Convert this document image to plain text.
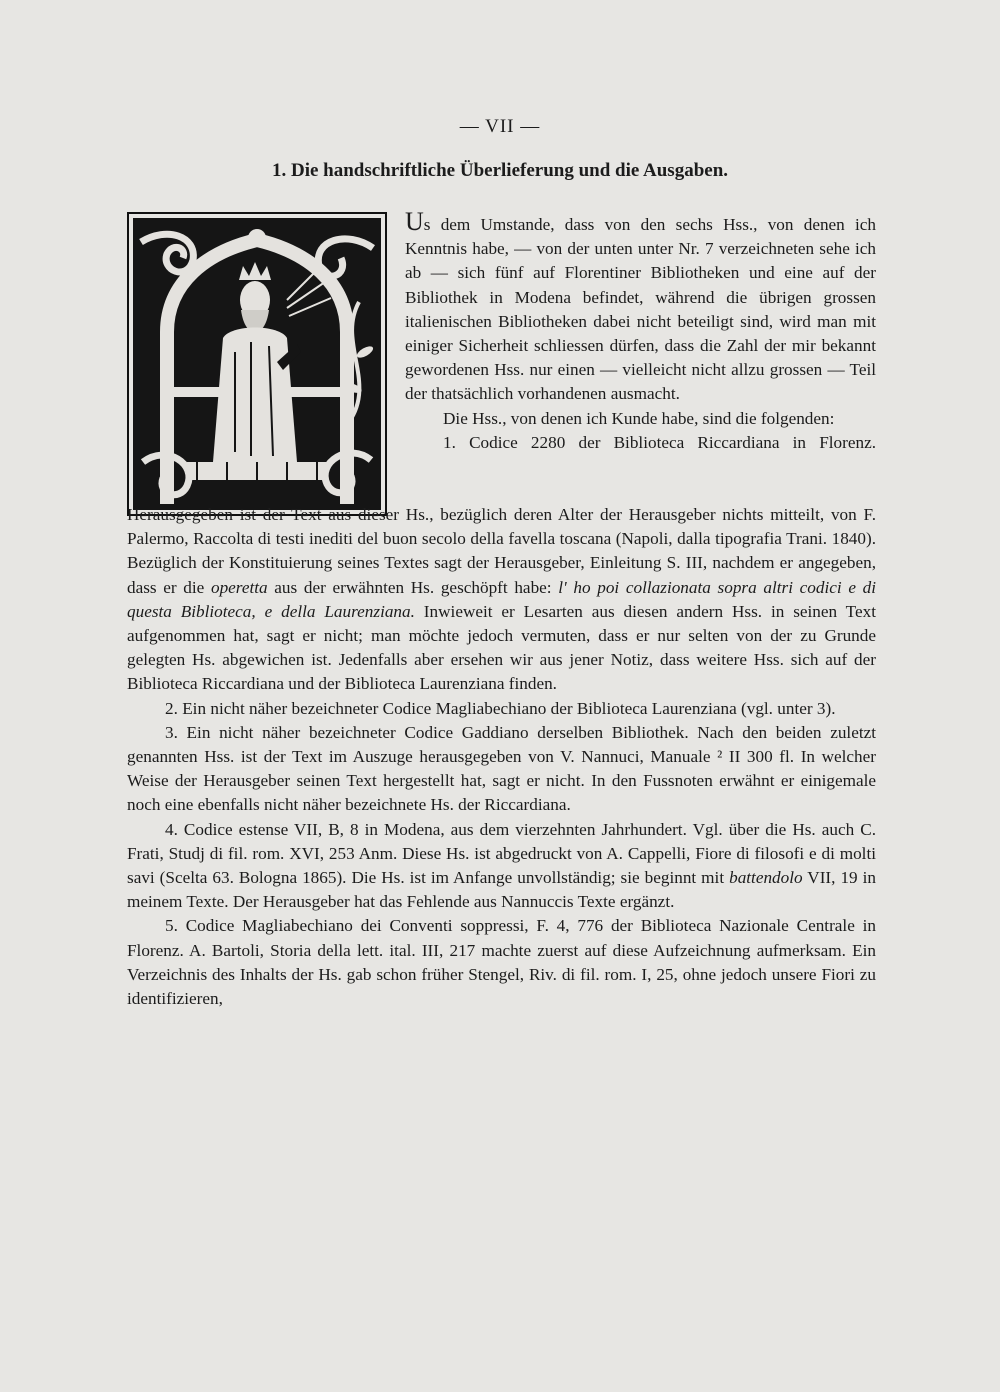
— VII —
1. Die handschriftliche Überlieferung und die Ausgaben.

Us dem Umstande, dass von den sechs Hss., von denen ich Kenntnis habe, — von der unten unter Nr. 7 verzeichneten sehe ich ab — sich fünf auf Florentiner Bibliotheken und eine auf der Bibliothek in Modena befindet, während die übrigen grossen italienischen Bibliotheken dabei nicht beteiligt sind, wird man mit einiger Sicherheit schliessen dürfen, dass die Zahl der mir bekannt gewordenen Hss. nur einen — vielleicht nicht allzu grossen — Teil der thatsächlich vorhandenen ausmacht.

Die Hss., von denen ich Kunde habe, sind die folgenden:

1. Codice 2280 der Biblioteca Riccardiana in Florenz.

Herausgegeben ist der Text aus dieser Hs., bezüglich deren Alter der Herausgeber nichts mitteilt, von F. Palermo, Raccolta di testi inediti del buon secolo della favella toscana (Napoli, dalla tipografia Trani. 1840). Bezüglich der Konstituierung seines Textes sagt der Herausgeber, Einleitung S. III, nachdem er angegeben, dass er die operetta aus der erwähnten Hs. geschöpft habe: l' ho poi collazionata sopra altri codici e di questa Biblioteca, e della Laurenziana. Inwieweit er Lesarten aus diesen andern Hss. in seinen Text aufgenommen hat, sagt er nicht; man möchte jedoch vermuten, dass er nur selten von der zu Grunde gelegten Hs. abgewichen ist. Jedenfalls aber ersehen wir aus jener Notiz, dass weitere Hss. sich auf der Biblioteca Riccardiana und der Biblioteca Laurenziana finden.

2. Ein nicht näher bezeichneter Codice Magliabechiano der Biblioteca Laurenziana (vgl. unter 3).

3. Ein nicht näher bezeichneter Codice Gaddiano derselben Bibliothek. Nach den beiden zuletzt genannten Hss. ist der Text im Auszuge herausgegeben von V. Nannuci, Manuale ² II 300 fl. In welcher Weise der Herausgeber seinen Text hergestellt hat, sagt er nicht. In den Fussnoten erwähnt er einigemale noch eine ebenfalls nicht näher bezeichnete Hs. der Riccardiana.

4. Codice estense VII, B, 8 in Modena, aus dem vierzehnten Jahrhundert. Vgl. über die Hs. auch C. Frati, Studj di fil. rom. XVI, 253 Anm. Diese Hs. ist abgedruckt von A. Cappelli, Fiore di filosofi e di molti savi (Scelta 63. Bologna 1865). Die Hs. ist im Anfange unvollständig; sie beginnt mit battendolo VII, 19 in meinem Texte. Der Herausgeber hat das Fehlende aus Nannuccis Texte ergänzt.

5. Codice Magliabechiano dei Conventi soppressi, F. 4, 776 der Biblioteca Nazionale Centrale in Florenz. A. Bartoli, Storia della lett. ital. III, 217 machte zuerst auf diese Aufzeichnung aufmerksam. Ein Verzeichnis des Inhalts der Hs. gab schon früher Stengel, Riv. di fil. rom. I, 25, ohne jedoch unsere Fiori zu identifizieren,
